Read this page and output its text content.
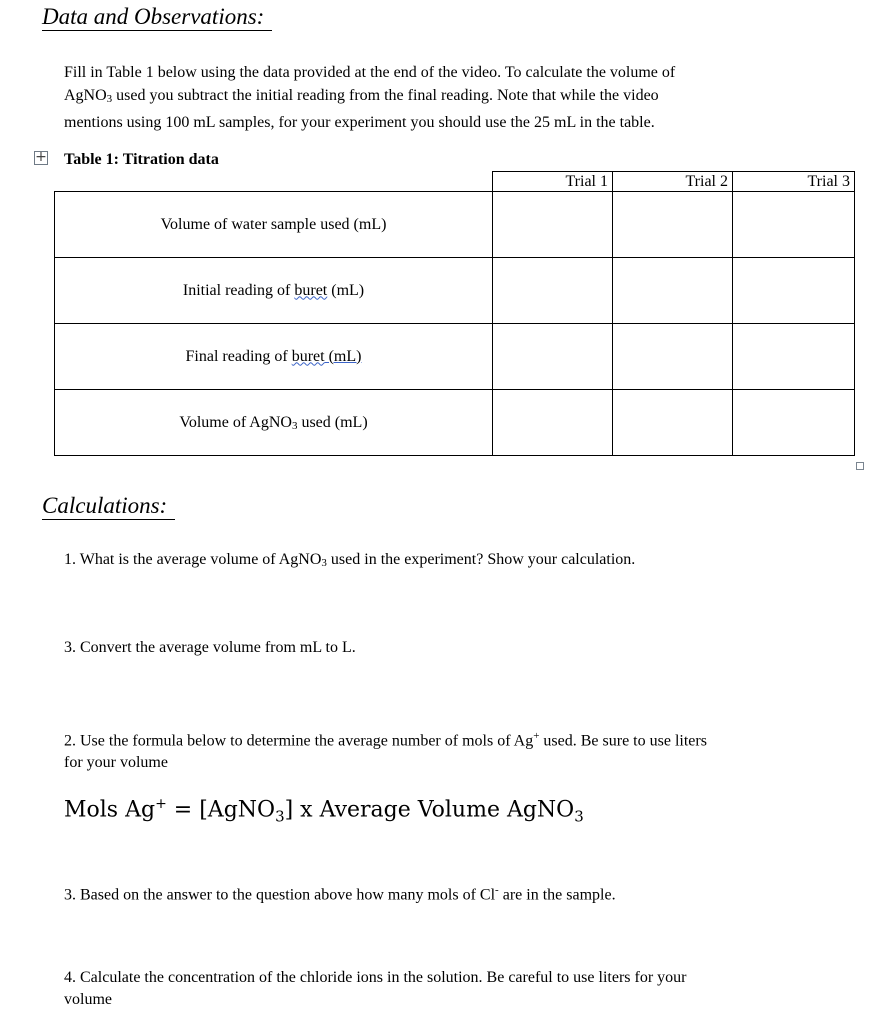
Data and Observations:
Fill in Table 1 below using the data provided at the end of the video. To calculate the volume of
AgNO$_3$ used you subtract the initial reading from the final reading. Note that while the video
mentions using 100 mL samples, for your experiment you should use the 25 mL in the table.
+ Table 1: Titration data
	Trial 1	Trial 2	Trial 3
Volume of water sample used (mL)			
Initial reading of buret (mL)			
Final reading of buret (mL)			
Volume of AgNO$_3$ used (mL)			
Calculations:
1. What is the average volume of AgNO$_3$ used in the experiment? Show your calculation.
3. Convert the average volume from mL to L.
2. Use the formula below to determine the average number of mols of Ag+ used. Be sure to use liters
for your volume
Mols Ag+ = [AgNO$_3$] x Average Volume AgNO$_3$
3. Based on the answer to the question above how many mols of Cl- are in the sample.
4. Calculate the concentration of the chloride ions in the solution. Be careful to use liters for your
volume
